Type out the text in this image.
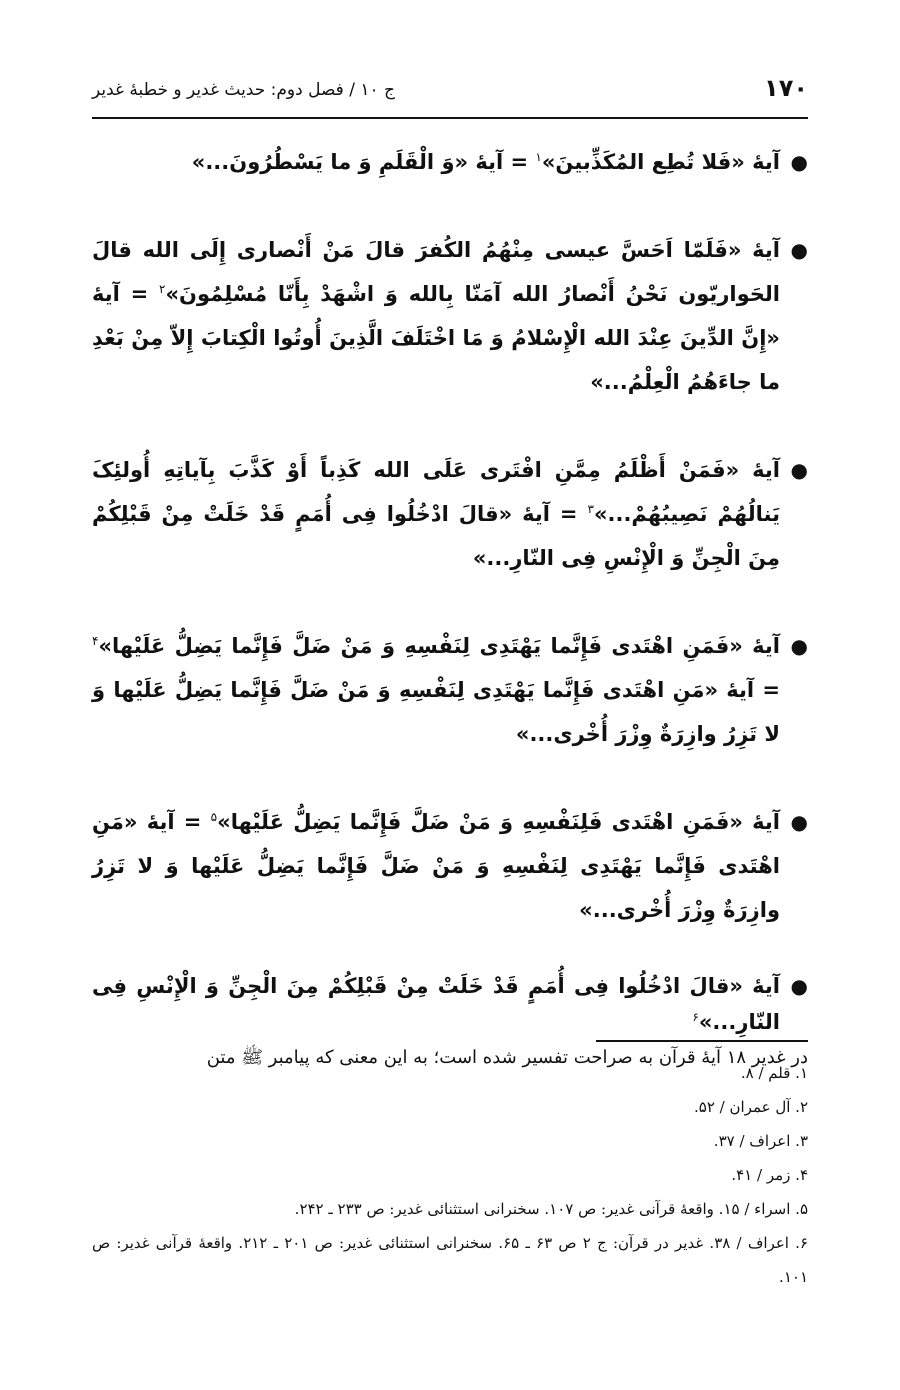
۱۷۰
ج ۱۰ / فصل دوم: حدیث غدیر و خطبهٔ غدیر
●
آیهٔ «فَلا تُطِع المُکَذِّبینَ»$^۱$ = آیهٔ «وَ الْقَلَمِ وَ ما یَسْطُرُونَ...»
●
آیهٔ «فَلَمّا اَحَسَّ عیسی مِنْهُمُ الکُفرَ قالَ مَنْ أَنْصاری إِلَی الله قالَ الحَواریّون نَحْنُ أَنْصارُ الله آمَنّا بِالله وَ اشْهَدْ بِأَنّا مُسْلِمُونَ»$^۲$ = آیهٔ «إِنَّ الدِّینَ عِنْدَ الله الْإِسْلامُ وَ مَا اخْتَلَفَ الَّذِینَ أُوتُوا الْکِتابَ إِلاّ مِنْ بَعْدِ ما جاءَهُمُ الْعِلْمُ...»
●
آیهٔ «فَمَنْ أَظْلَمُ مِمَّنِ افْتَری عَلَی الله کَذِباً أَوْ کَذَّبَ بِآیاتِهِ أُولئِکَ یَنالُهُمْ نَصِیبُهُمْ...»$^۳$ = آیهٔ «قالَ ادْخُلُوا فِی أُمَمٍ قَدْ خَلَتْ مِنْ قَبْلِکُمْ مِنَ الْجِنِّ وَ الْإِنْسِ فِی النّارِ...»
●
آیهٔ «فَمَنِ اهْتَدی فَإِنَّما یَهْتَدِی لِنَفْسِهِ وَ مَنْ ضَلَّ فَإِنَّما یَضِلُّ عَلَیْها»$^۴$ = آیهٔ «مَنِ اهْتَدی فَإِنَّما یَهْتَدِی لِنَفْسِهِ وَ مَنْ ضَلَّ فَإِنَّما یَضِلُّ عَلَیْها وَ لا تَزِرُ وازِرَةٌ وِزْرَ أُخْری...»
●
آیهٔ «فَمَنِ اهْتَدی فَلِنَفْسِهِ وَ مَنْ ضَلَّ فَإِنَّما یَضِلُّ عَلَیْها»$^۵$ = آیهٔ «مَنِ اهْتَدی فَإِنَّما یَهْتَدِی لِنَفْسِهِ وَ مَنْ ضَلَّ فَإِنَّما یَضِلُّ عَلَیْها وَ لا تَزِرُ وازِرَةٌ وِزْرَ أُخْری...»
●
آیهٔ «قالَ ادْخُلُوا فِی أُمَمٍ قَدْ خَلَتْ مِنْ قَبْلِکُمْ مِنَ الْجِنِّ وَ الْإِنْسِ فِی النّارِ...»$^۶$
در غدیر ۱۸ آیهٔ قرآن به صراحت تفسیر شده است؛ به این معنی که پیامبر ﷺ متن
۱. قلم / ۸.
۲. آل عمران / ۵۲.
۳. اعراف / ۳۷.
۴. زمر / ۴۱.
۵. اسراء / ۱۵. واقعهٔ قرآنی غدیر: ص ۱۰۷. سخنرانی استثنائی غدیر: ص ۲۳۳ ـ ۲۴۲.
۶. اعراف / ۳۸. غدیر در قرآن: ج ۲ ص ۶۳ ـ ۶۵. سخنرانی استثنائی غدیر: ص ۲۰۱ ـ ۲۱۲. واقعهٔ قرآنی غدیر: ص ۱۰۱.
